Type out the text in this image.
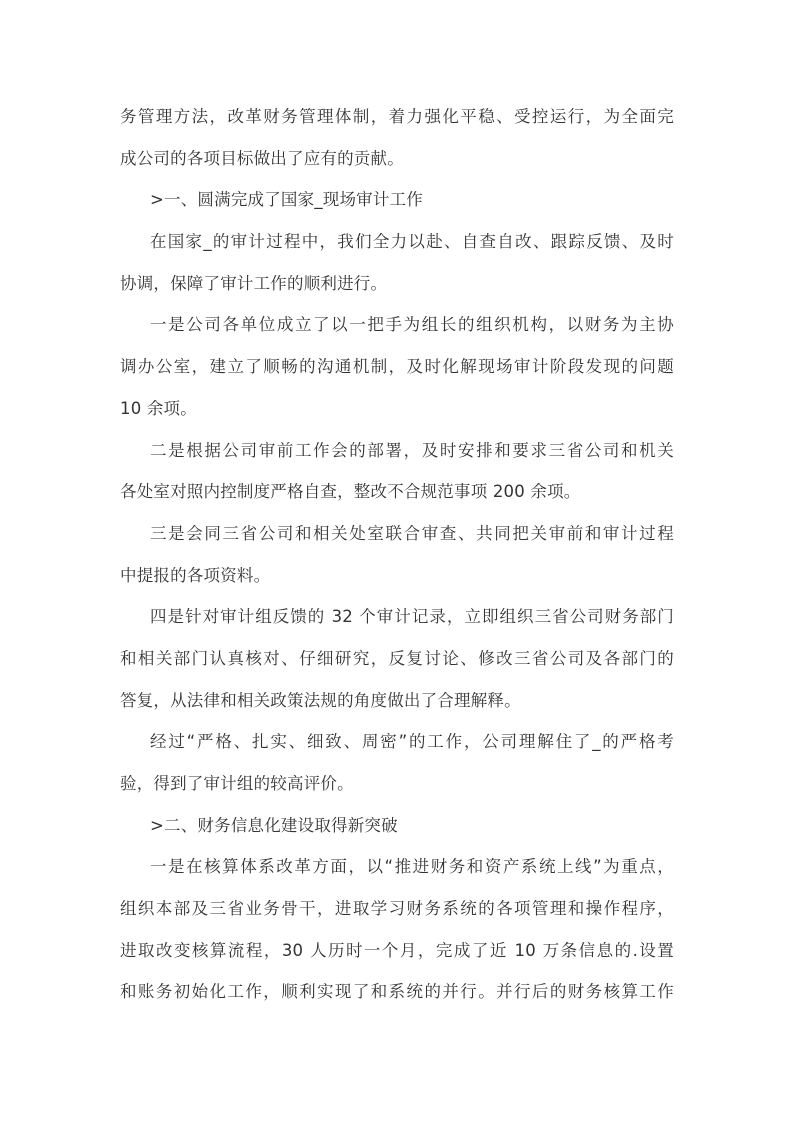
务管理方法，改革财务管理体制，着力强化平稳、受控运行，为全面完
成公司的各项目标做出了应有的贡献。
>一、圆满完成了国家_现场审计工作
在国家_的审计过程中，我们全力以赴、自查自改、跟踪反馈、及时
协调，保障了审计工作的顺利进行。
一是公司各单位成立了以一把手为组长的组织机构，以财务为主协
调办公室，建立了顺畅的沟通机制，及时化解现场审计阶段发现的问题
10 余项。
二是根据公司审前工作会的部署，及时安排和要求三省公司和机关
各处室对照内控制度严格自查，整改不合规范事项 200 余项。
三是会同三省公司和相关处室联合审查、共同把关审前和审计过程
中提报的各项资料。
四是针对审计组反馈的 32 个审计记录，立即组织三省公司财务部门
和相关部门认真核对、仔细研究，反复讨论、修改三省公司及各部门的
答复，从法律和相关政策法规的角度做出了合理解释。
经过“严格、扎实、细致、周密”的工作，公司理解住了_的严格考
验，得到了审计组的较高评价。
>二、财务信息化建设取得新突破
一是在核算体系改革方面，以“推进财务和资产系统上线”为重点，
组织本部及三省业务骨干，进取学习财务系统的各项管理和操作程序，
进取改变核算流程，30 人历时一个月，完成了近 10 万条信息的.设置
和账务初始化工作，顺利实现了和系统的并行。并行后的财务核算工作
